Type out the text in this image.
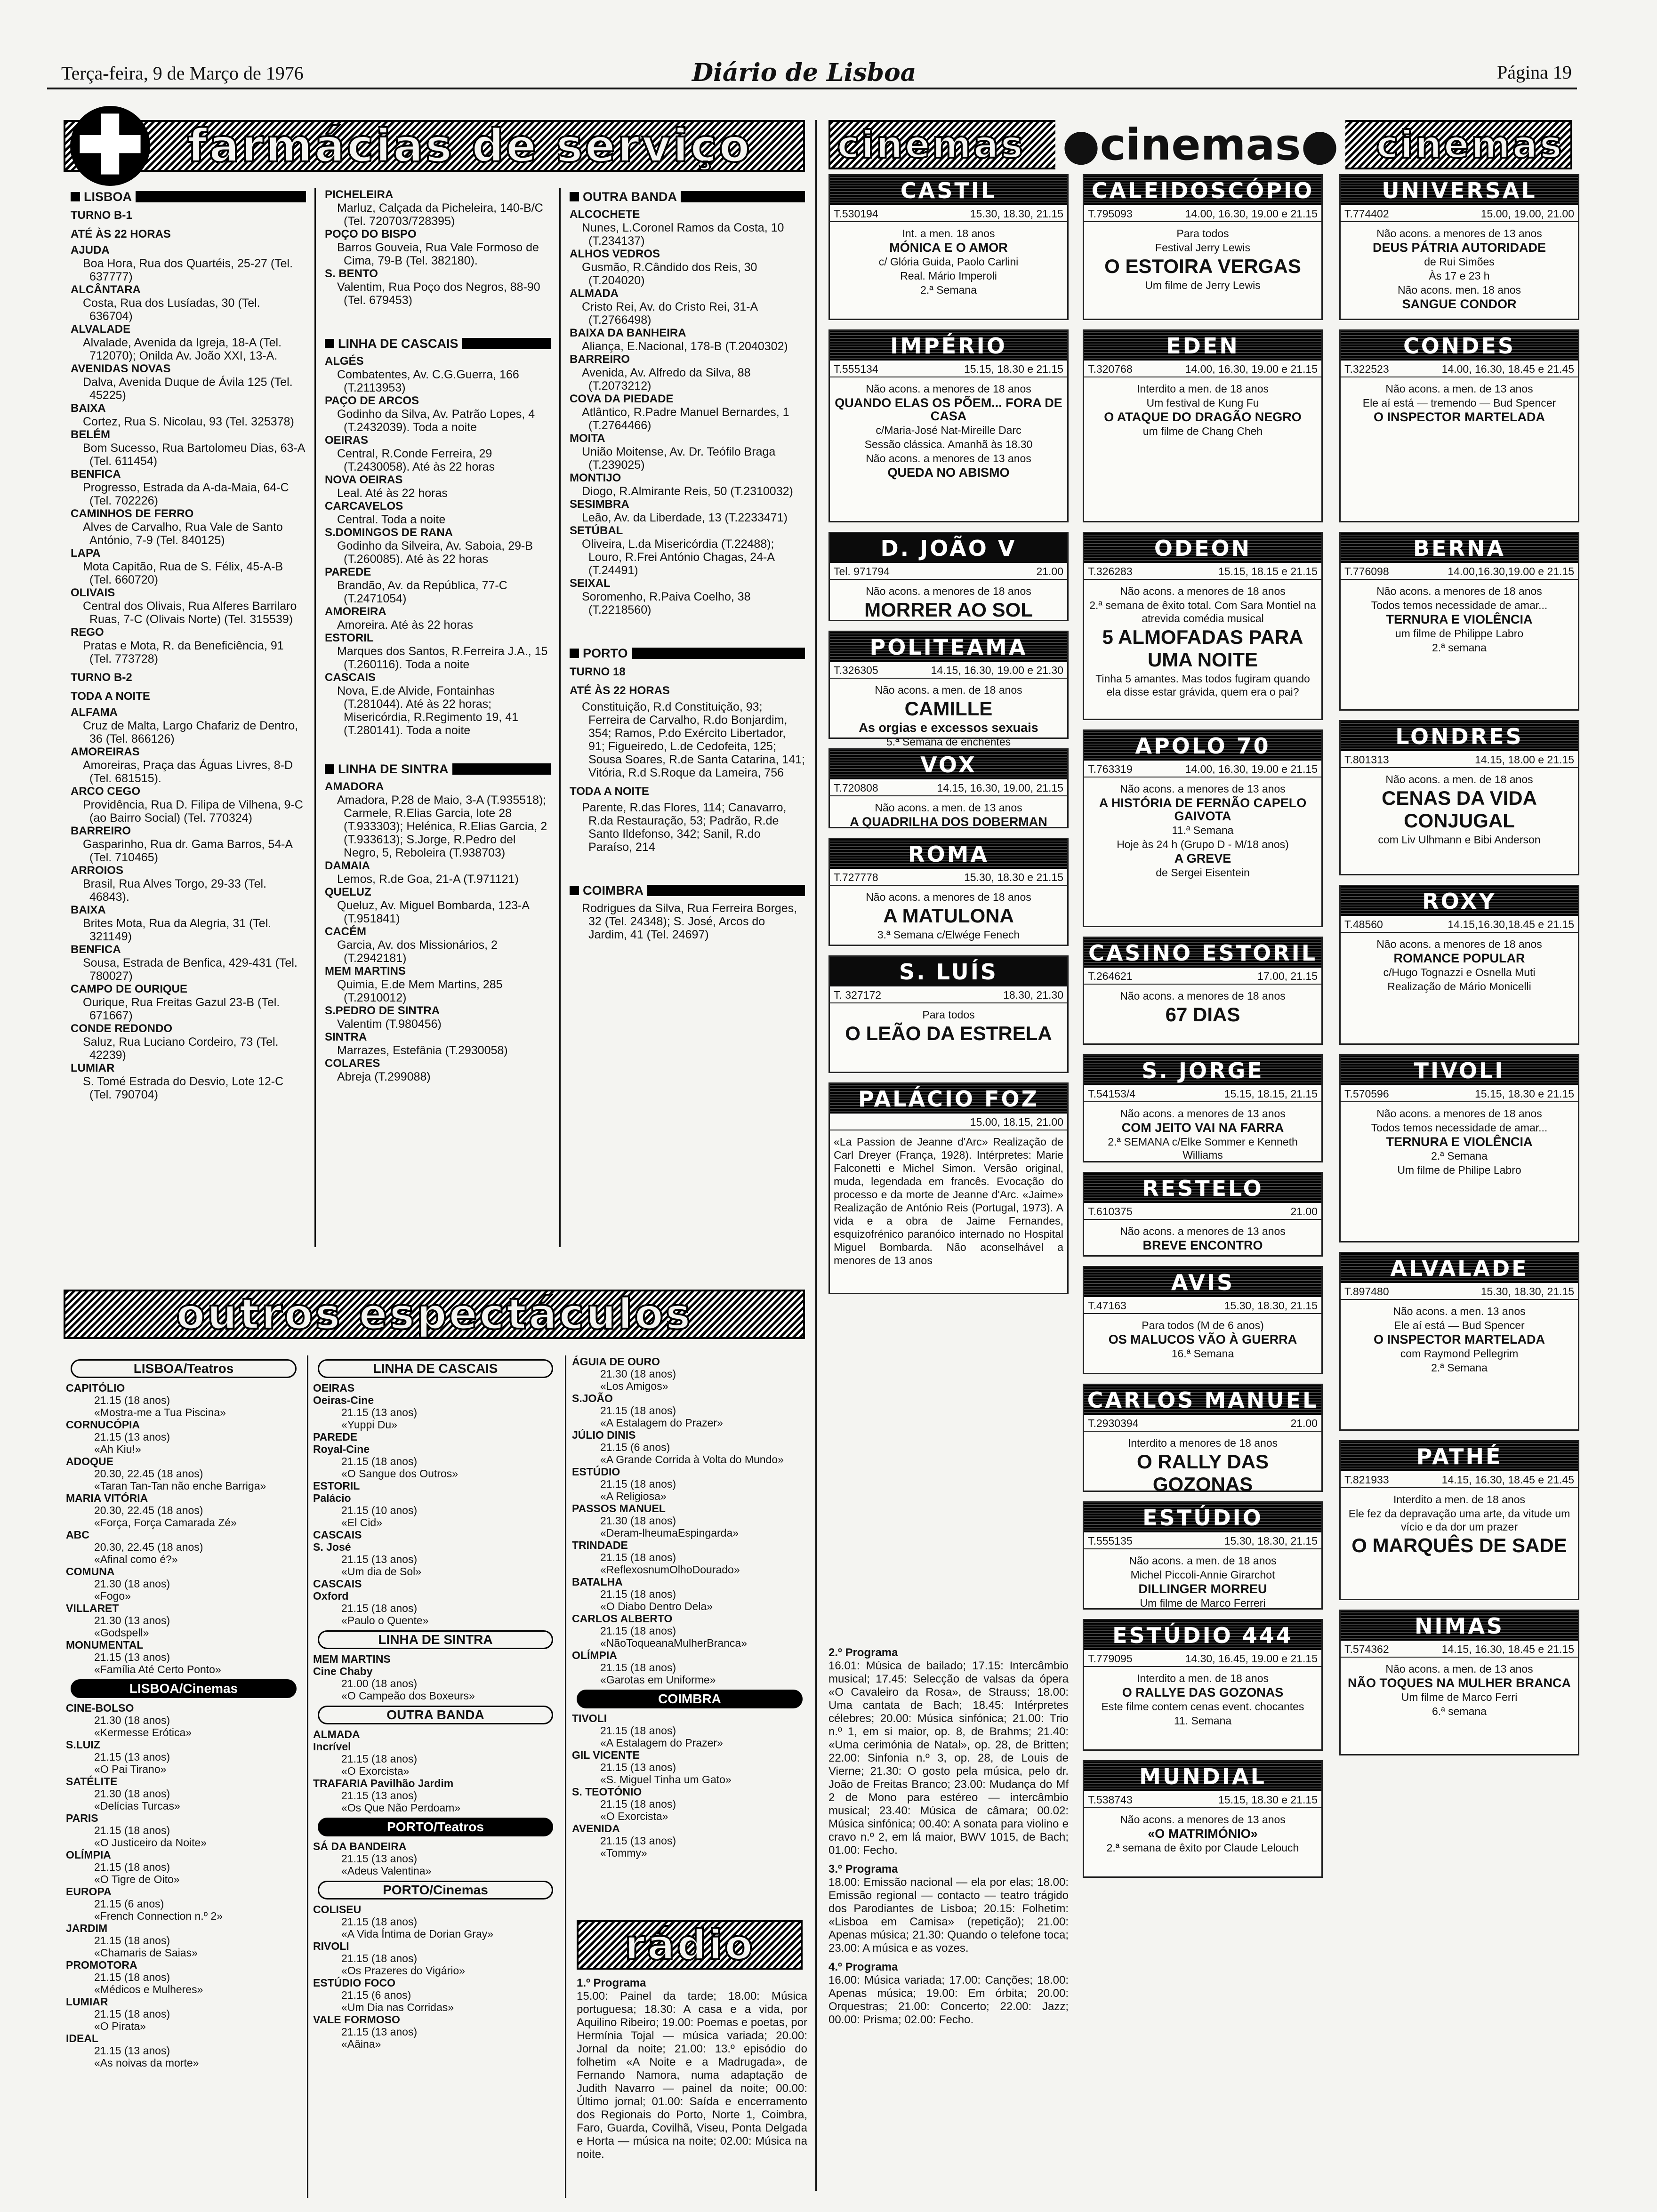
Terça-feira, 9 de Março de 1976	Diário de Lisboa	Página 19
✚ farmácias de serviço
LISBOA
TURNO B-1
ATÉ ÀS 22 HORAS
AJUDA
Boa Hora, Rua dos Quartéis, 25-27 (Tel. 637777)
ALCÂNTARA
Costa, Rua dos Lusíadas, 30 (Tel. 636704)
ALVALADE
Alvalade, Avenida da Igreja, 18-A (Tel. 712070); Onilda Av. João XXI, 13-A.
AVENIDAS NOVAS
Dalva, Avenida Duque de Ávila 125 (Tel. 45225)
BAIXA
Cortez, Rua S. Nicolau, 93 (Tel. 325378)
BELÉM
Bom Sucesso, Rua Bartolomeu Dias, 63-A (Tel. 611454)
BENFICA
Progresso, Estrada da A-da-Maia, 64-C (Tel. 702226)
CAMINHOS DE FERRO
Alves de Carvalho, Rua Vale de Santo António, 7-9 (Tel. 840125)
LAPA
Mota Capitão, Rua de S. Félix, 45-A-B (Tel. 660720)
OLIVAIS
Central dos Olivais, Rua Alferes Barrilaro Ruas, 7-C (Olivais Norte) (Tel. 315539)
REGO
Pratas e Mota, R. da Beneficiência, 91 (Tel. 773728)
TURNO B-2
TODA A NOITE
ALFAMA
Cruz de Malta, Largo Chafariz de Dentro, 36 (Tel. 866126)
AMOREIRAS
Amoreiras, Praça das Águas Livres, 8-D (Tel. 681515).
ARCO CEGO
Providência, Rua D. Filipa de Vilhena, 9-C (ao Bairro Social) (Tel. 770324)
BARREIRO
Gasparinho, Rua dr. Gama Barros, 54-A (Tel. 710465)
ARROIOS
Brasil, Rua Alves Torgo, 29-33 (Tel. 46843).
BAIXA
Brites Mota, Rua da Alegria, 31 (Tel. 321149)
BENFICA
Sousa, Estrada de Benfica, 429-431 (Tel. 780027)
CAMPO DE OURIQUE
Ourique, Rua Freitas Gazul 23-B (Tel. 671667)
CONDE REDONDO
Saluz, Rua Luciano Cordeiro, 73 (Tel. 42239)
LUMIAR
S. Tomé Estrada do Desvio, Lote 12-C (Tel. 790704)
PICHELEIRA
Marluz, Calçada da Picheleira, 140-B/C (Tel. 720703/728395)
POÇO DO BISPO
Barros Gouveia, Rua Vale Formoso de Cima, 79-B (Tel. 382180).
S. BENTO
Valentim, Rua Poço dos Negros, 88-90 (Tel. 679453)
LINHA DE CASCAIS
ALGÉS
Combatentes, Av. C.G.Guerra, 166 (T.2113953)
PAÇO DE ARCOS
Godinho da Silva, Av. Patrão Lopes, 4 (T.2432039). Toda a noite
OEIRAS
Central, R.Conde Ferreira, 29 (T.2430058). Até às 22 horas
NOVA OEIRAS
Leal. Até às 22 horas
CARCAVELOS
Central. Toda a noite
S.DOMINGOS DE RANA
Godinho da Silveira, Av. Saboia, 29-B (T.260085). Até às 22 horas
PAREDE
Brandão, Av. da República, 77-C (T.2471054)
AMOREIRA
Amoreira. Até às 22 horas
ESTORIL
Marques dos Santos, R.Ferreira J.A., 15 (T.260116). Toda a noite
CASCAIS
Nova, E.de Alvide, Fontainhas (T.281044). Até às 22 horas; Misericórdia, R.Regimento 19, 41 (T.280141). Toda a noite
LINHA DE SINTRA
AMADORA
Amadora, P.28 de Maio, 3-A (T.935518); Carmele, R.Elias Garcia, lote 28 (T.933303); Helénica, R.Elias Garcia, 2 (T.933613); S.Jorge, R.Pedro del Negro, 5, Reboleira (T.938703)
DAMAIA
Lemos, R.de Goa, 21-A (T.971121)
QUELUZ
Queluz, Av. Miguel Bombarda, 123-A (T.951841)
CACÉM
Garcia, Av. dos Missionários, 2 (T.2942181)
MEM MARTINS
Quimia, E.de Mem Martins, 285 (T.2910012)
S.PEDRO DE SINTRA
Valentim (T.980456)
SINTRA
Marrazes, Estefânia (T.2930058)
COLARES
Abreja (T.299088)
OUTRA BANDA
ALCOCHETE
Nunes, L.Coronel Ramos da Costa, 10 (T.234137)
ALHOS VEDROS
Gusmão, R.Cândido dos Reis, 30 (T.204020)
ALMADA
Cristo Rei, Av. do Cristo Rei, 31-A (T.2766498)
BAIXA DA BANHEIRA
Aliança, E.Nacional, 178-B (T.2040302)
BARREIRO
Avenida, Av. Alfredo da Silva, 88 (T.2073212)
COVA DA PIEDADE
Atlântico, R.Padre Manuel Bernardes, 1 (T.2764466)
MOITA
União Moitense, Av. Dr. Teófilo Braga (T.239025)
MONTIJO
Diogo, R.Almirante Reis, 50 (T.2310032)
SESIMBRA
Leão, Av. da Liberdade, 13 (T.2233471)
SETÚBAL
Oliveira, L.da Misericórdia (T.22488); Louro, R.Frei António Chagas, 24-A (T.24491)
SEIXAL
Soromenho, R.Paiva Coelho, 38 (T.2218560)
PORTO
TURNO 18
ATÉ ÀS 22 HORAS
Constituição, R.d Constituição, 93; Ferreira de Carvalho, R.do Bonjardim, 354; Ramos, P.do Exército Libertador, 91; Figueiredo, L.de Cedofeita, 125; Sousa Soares, R.de Santa Catarina, 141; Vitória, R.d S.Roque da Lameira, 756
TODA A NOITE
Parente, R.das Flores, 114; Canavarro, R.da Restauração, 53; Padrão, R.de Santo Ildefonso, 342; Sanil, R.do Paraíso, 214
COIMBRA
Rodrigues da Silva, Rua Ferreira Borges, 32 (Tel. 24348); S. José, Arcos do Jardim, 41 (Tel. 24697)
outros espectáculos
LISBOA/Teatros
CAPITÓLIO
21.15 (18 anos)
«Mostra-me a Tua Piscina»
CORNUCÓPIA
21.15 (13 anos)
«Ah Kiu!»
ADOQUE
20.30, 22.45 (18 anos)
«Taran Tan-Tan não enche Barriga»
MARIA VITÓRIA
20.30, 22.45 (18 anos)
«Força, Força Camarada Zé»
ABC
20.30, 22.45 (18 anos)
«Afinal como é?»
COMUNA
21.30 (18 anos)
«Fogo»
VILLARET
21.30 (13 anos)
«Godspell»
MONUMENTAL
21.15 (13 anos)
«Família Até Certo Ponto»
LISBOA/Cinemas
CINE-BOLSO
21.30 (18 anos)
«Kermesse Erótica»
S.LUIZ
21.15 (13 anos)
«O Pai Tirano»
SATÉLITE
21.30 (18 anos)
«Delícias Turcas»
PARIS
21.15 (18 anos)
«O Justiceiro da Noite»
OLÍMPIA
21.15 (18 anos)
«O Tigre de Oito»
EUROPA
21.15 (6 anos)
«French Connection n.º 2»
JARDIM
21.15 (18 anos)
«Chamaris de Saias»
PROMOTORA
21.15 (18 anos)
«Médicos e Mulheres»
LUMIAR
21.15 (18 anos)
«O Pirata»
IDEAL
21.15 (13 anos)
«As noivas da morte»
LINHA DE CASCAIS
OEIRAS
Oeiras-Cine
21.15 (13 anos)
«Yuppi Du»
PAREDE
Royal-Cine
21.15 (18 anos)
«O Sangue dos Outros»
ESTORIL
Palácio
21.15 (10 anos)
«El Cid»
CASCAIS
S. José
21.15 (13 anos)
«Um dia de Sol»
CASCAIS
Oxford
21.15 (18 anos)
«Paulo o Quente»
LINHA DE SINTRA
MEM MARTINS
Cine Chaby
21.00 (18 anos)
«O Campeão dos Boxeurs»
OUTRA BANDA
ALMADA
Incrível
21.15 (18 anos)
«O Exorcista»
TRAFARIA Pavilhão Jardim
21.15 (13 anos)
«Os Que Não Perdoam»
PORTO/Teatros
SÁ DA BANDEIRA
21.15 (13 anos)
«Adeus Valentina»
PORTO/Cinemas
COLISEU
21.15 (18 anos)
«A Vida Íntima de Dorian Gray»
RIVOLI
21.15 (18 anos)
«Os Prazeres do Vigário»
ESTÚDIO FOCO
21.15 (6 anos)
«Um Dia nas Corridas»
VALE FORMOSO
21.15 (13 anos)
«Aâina»
ÁGUIA DE OURO
21.30 (18 anos)
«Los Amigos»
S.JOÃO
21.15 (18 anos)
«A Estalagem do Prazer»
JÚLIO DINIS
21.15 (6 anos)
«A Grande Corrida à Volta do Mundo»
ESTÚDIO
21.15 (18 anos)
«A Religiosa»
PASSOS MANUEL
21.30 (18 anos)
«Deram-lheumaEspingarda»
TRINDADE
21.15 (18 anos)
«ReflexosnumOlhoDourado»
BATALHA
21.15 (18 anos)
«O Diabo Dentro Dela»
CARLOS ALBERTO
21.15 (18 anos)
«NãoToqueanaMulherBranca»
OLÍMPIA
21.15 (18 anos)
«Garotas em Uniforme»
COIMBRA
TIVOLI
21.15 (18 anos)
«A Estalagem do Prazer»
GIL VICENTE
21.15 (13 anos)
«S. Miguel Tinha um Gato»
S. TEOTÓNIO
21.15 (18 anos)
«O Exorcista»
AVENIDA
21.15 (13 anos)
«Tommy»
rádio
1.º Programa
15.00: Painel da tarde; 18.00: Música portuguesa; 18.30: A casa e a vida, por Aquilino Ribeiro; 19.00: Poemas e poetas, por Hermínia Tojal — música variada; 20.00: Jornal da noite; 21.00: 13.º episódio do folhetim «A Noite e a Madrugada», de Fernando Namora, numa adaptação de Judith Navarro — painel da noite; 00.00: Último jornal; 01.00: Saída e encerramento dos Regionais do Porto, Norte 1, Coimbra, Faro, Guarda, Covilhã, Viseu, Ponta Delgada e Horta — música na noite; 02.00: Música na noite.
2.º Programa
16.01: Música de bailado; 17.15: Intercâmbio musical; 17.45: Selecção de valsas da ópera «O Cavaleiro da Rosa», de Strauss; 18.00: Uma cantata de Bach; 18.45: Intérpretes célebres; 20.00: Música sinfónica; 21.00: Trio n.º 1, em si maior, op. 8, de Brahms; 21.40: «Uma cerimónia de Natal», op. 28, de Britten; 22.00: Sinfonia n.º 3, op. 28, de Louis de Vierne; 21.30: O gosto pela música, pelo dr. João de Freitas Branco; 23.00: Mudança do Mf 2 de Mono para estéreo — intercâmbio musical; 23.40: Música de câmara; 00.02: Música sinfónica; 00.40: A sonata para violino e cravo n.º 2, em lá maior, BWV 1015, de Bach; 01.00: Fecho.
3.º Programa
18.00: Emissão nacional — ela por elas; 18.00: Emissão regional — contacto — teatro trágido dos Parodiantes de Lisboa; 20.15: Folhetim: «Lisboa em Camisa» (repetição); 21.00: Apenas música; 21.30: Quando o telefone toca; 23.00: A música e as vozes.
4.º Programa
16.00: Música variada; 17.00: Canções; 18.00: Apenas música; 19.00: Em órbita; 20.00: Orquestras; 21.00: Concerto; 22.00: Jazz; 00.00: Prisma; 02.00: Fecho.
cinemas ● cinemas ● cinemas
CASTIL
T.530194	15.30, 18.30, 21.15
Int. a men. 18 anos
MÓNICA E O AMOR
c/ Glória Guida, Paolo Carlini
Real. Mário Imperoli
2.ª Semana
IMPÉRIO
T.555134	15.15, 18.30 e 21.15
Não acons. a menores de 18 anos
QUANDO ELAS OS PÕEM... FORA DE CASA
c/Maria-José Nat-Mireille Darc
Sessão clássica. Amanhã às 18.30
Não acons. a menores de 13 anos
QUEDA NO ABISMO
D. JOÃO V
Tel. 971794	21.00
Não acons. a menores de 18 anos
MORRER AO SOL
POLITEAMA
T.326305	14.15, 16.30, 19.00 e 21.30
Não acons. a men. de 18 anos
CAMILLE
As orgias e excessos sexuais
5.ª Semana de enchentes
VOX
T.720808	14.15, 16.30, 19.00, 21.15
Não acons. a men. de 13 anos
A QUADRILHA DOS DOBERMAN
ROMA
T.727778	15.30, 18.30 e 21.15
Não acons. a menores de 18 anos
A MATULONA
3.ª Semana c/Elwége Fenech
S. LUÍS
T. 327172	18.30, 21.30
Para todos
O LEÃO DA ESTRELA
PALÁCIO FOZ
15.00, 18.15, 21.00
«La Passion de Jeanne d'Arc» Realização de Carl Dreyer (França, 1928). Intérpretes: Marie Falconetti e Michel Simon. Versão original, muda, legendada em francês. Evocação do processo e da morte de Jeanne d'Arc. «Jaime» Realização de António Reis (Portugal, 1973). A vida e a obra de Jaime Fernandes, esquizofrénico paranóico internado no Hospital Miguel Bombarda. Não aconselhável a menores de 13 anos
CALEIDOSCÓPIO
T.795093	14.00, 16.30, 19.00 e 21.15
Para todos
Festival Jerry Lewis
O ESTOIRA VERGAS
Um filme de Jerry Lewis
EDEN
T.320768	14.00, 16.30, 19.00 e 21.15
Interdito a men. de 18 anos
Um festival de Kung Fu
O ATAQUE DO DRAGÃO NEGRO
um filme de Chang Cheh
ODEON
T.326283	15.15, 18.15 e 21.15
Não acons. a menores de 18 anos
2.ª semana de êxito total. Com Sara Montiel na atrevida comédia musical
5 ALMOFADAS PARA UMA NOITE
Tinha 5 amantes. Mas todos fugiram quando ela disse estar grávida, quem era o pai?
APOLO 70
T.763319	14.00, 16.30, 19.00 e 21.15
Não acons. a menores de 13 anos
A HISTÓRIA DE FERNÃO CAPELO GAIVOTA
11.ª Semana
Hoje às 24 h (Grupo D - M/18 anos)
A GREVE
de Sergei Eisentein
CASINO ESTORIL
T.264621	17.00, 21.15
Não acons. a menores de 18 anos
67 DIAS
S. JORGE
T.54153/4	15.15, 18.15, 21.15
Não acons. a menores de 13 anos
COM JEITO VAI NA FARRA
2.ª SEMANA c/Elke Sommer e Kenneth Williams
RESTELO
T.610375	21.00
Não acons. a menores de 13 anos
BREVE ENCONTRO
AVIS
T.47163	15.30, 18.30, 21.15
Para todos (M de 6 anos)
OS MALUCOS VÃO À GUERRA
16.ª Semana
CARLOS MANUEL
T.2930394	21.00
Interdito a menores de 18 anos
O RALLY DAS GOZONAS
ESTÚDIO
T.555135	15.30, 18.30, 21.15
Não acons. a men. de 18 anos
Michel Piccoli-Annie Girarchot
DILLINGER MORREU
Um filme de Marco Ferreri
ESTÚDIO 444
T.779095	14.30, 16.45, 19.00 e 21.15
Interdito a men. de 18 anos
O RALLYE DAS GOZONAS
Este filme contem cenas event. chocantes
11. Semana
MUNDIAL
T.538743	15.15, 18.30 e 21.15
Não acons. a menores de 13 anos
«O MATRIMÓNIO»
2.ª semana de êxito por Claude Lelouch
UNIVERSAL
T.774402	15.00, 19.00, 21.00
Não acons. a menores de 13 anos
DEUS PÁTRIA AUTORIDADE
de Rui Simões
Às 17 e 23 h
Não acons. men. 18 anos
SANGUE CONDOR
CONDES
T.322523	14.00, 16.30, 18.45 e 21.45
Não acons. a men. de 13 anos
Ele aí está — tremendo — Bud Spencer
O INSPECTOR MARTELADA
BERNA
T.776098	14.00,16.30,19.00 e 21.15
Não acons. a menores de 18 anos
Todos temos necessidade de amar...
TERNURA E VIOLÊNCIA
um filme de Philippe Labro
2.ª semana
LONDRES
T.801313	14.15, 18.00 e 21.15
Não acons. a men. de 18 anos
CENAS DA VIDA CONJUGAL
com Liv Ulhmann e Bibi Anderson
ROXY
T.48560	14.15,16.30,18.45 e 21.15
Não acons. a menores de 18 anos
ROMANCE POPULAR
c/Hugo Tognazzi e Osnella Muti
Realização de Mário Monicelli
TIVOLI
T.570596	15.15, 18.30 e 21.15
Não acons. a menores de 18 anos
Todos temos necessidade de amar...
TERNURA E VIOLÊNCIA
2.ª Semana
Um filme de Philipe Labro
ALVALADE
T.897480	15.30, 18.30, 21.15
Não acons. a men. 13 anos
Ele aí está — Bud Spencer
O INSPECTOR MARTELADA
com Raymond Pellegrim
2.ª Semana
PATHÉ
T.821933	14.15, 16.30, 18.45 e 21.45
Interdito a men. de 18 anos
Ele fez da depravação uma arte, da vitude um vício e da dor um prazer
O MARQUÊS DE SADE
NIMAS
T.574362	14.15, 16.30, 18.45 e 21.15
Não acons. a men. de 13 anos
NÃO TOQUES NA MULHER BRANCA
Um filme de Marco Ferri
6.ª semana
